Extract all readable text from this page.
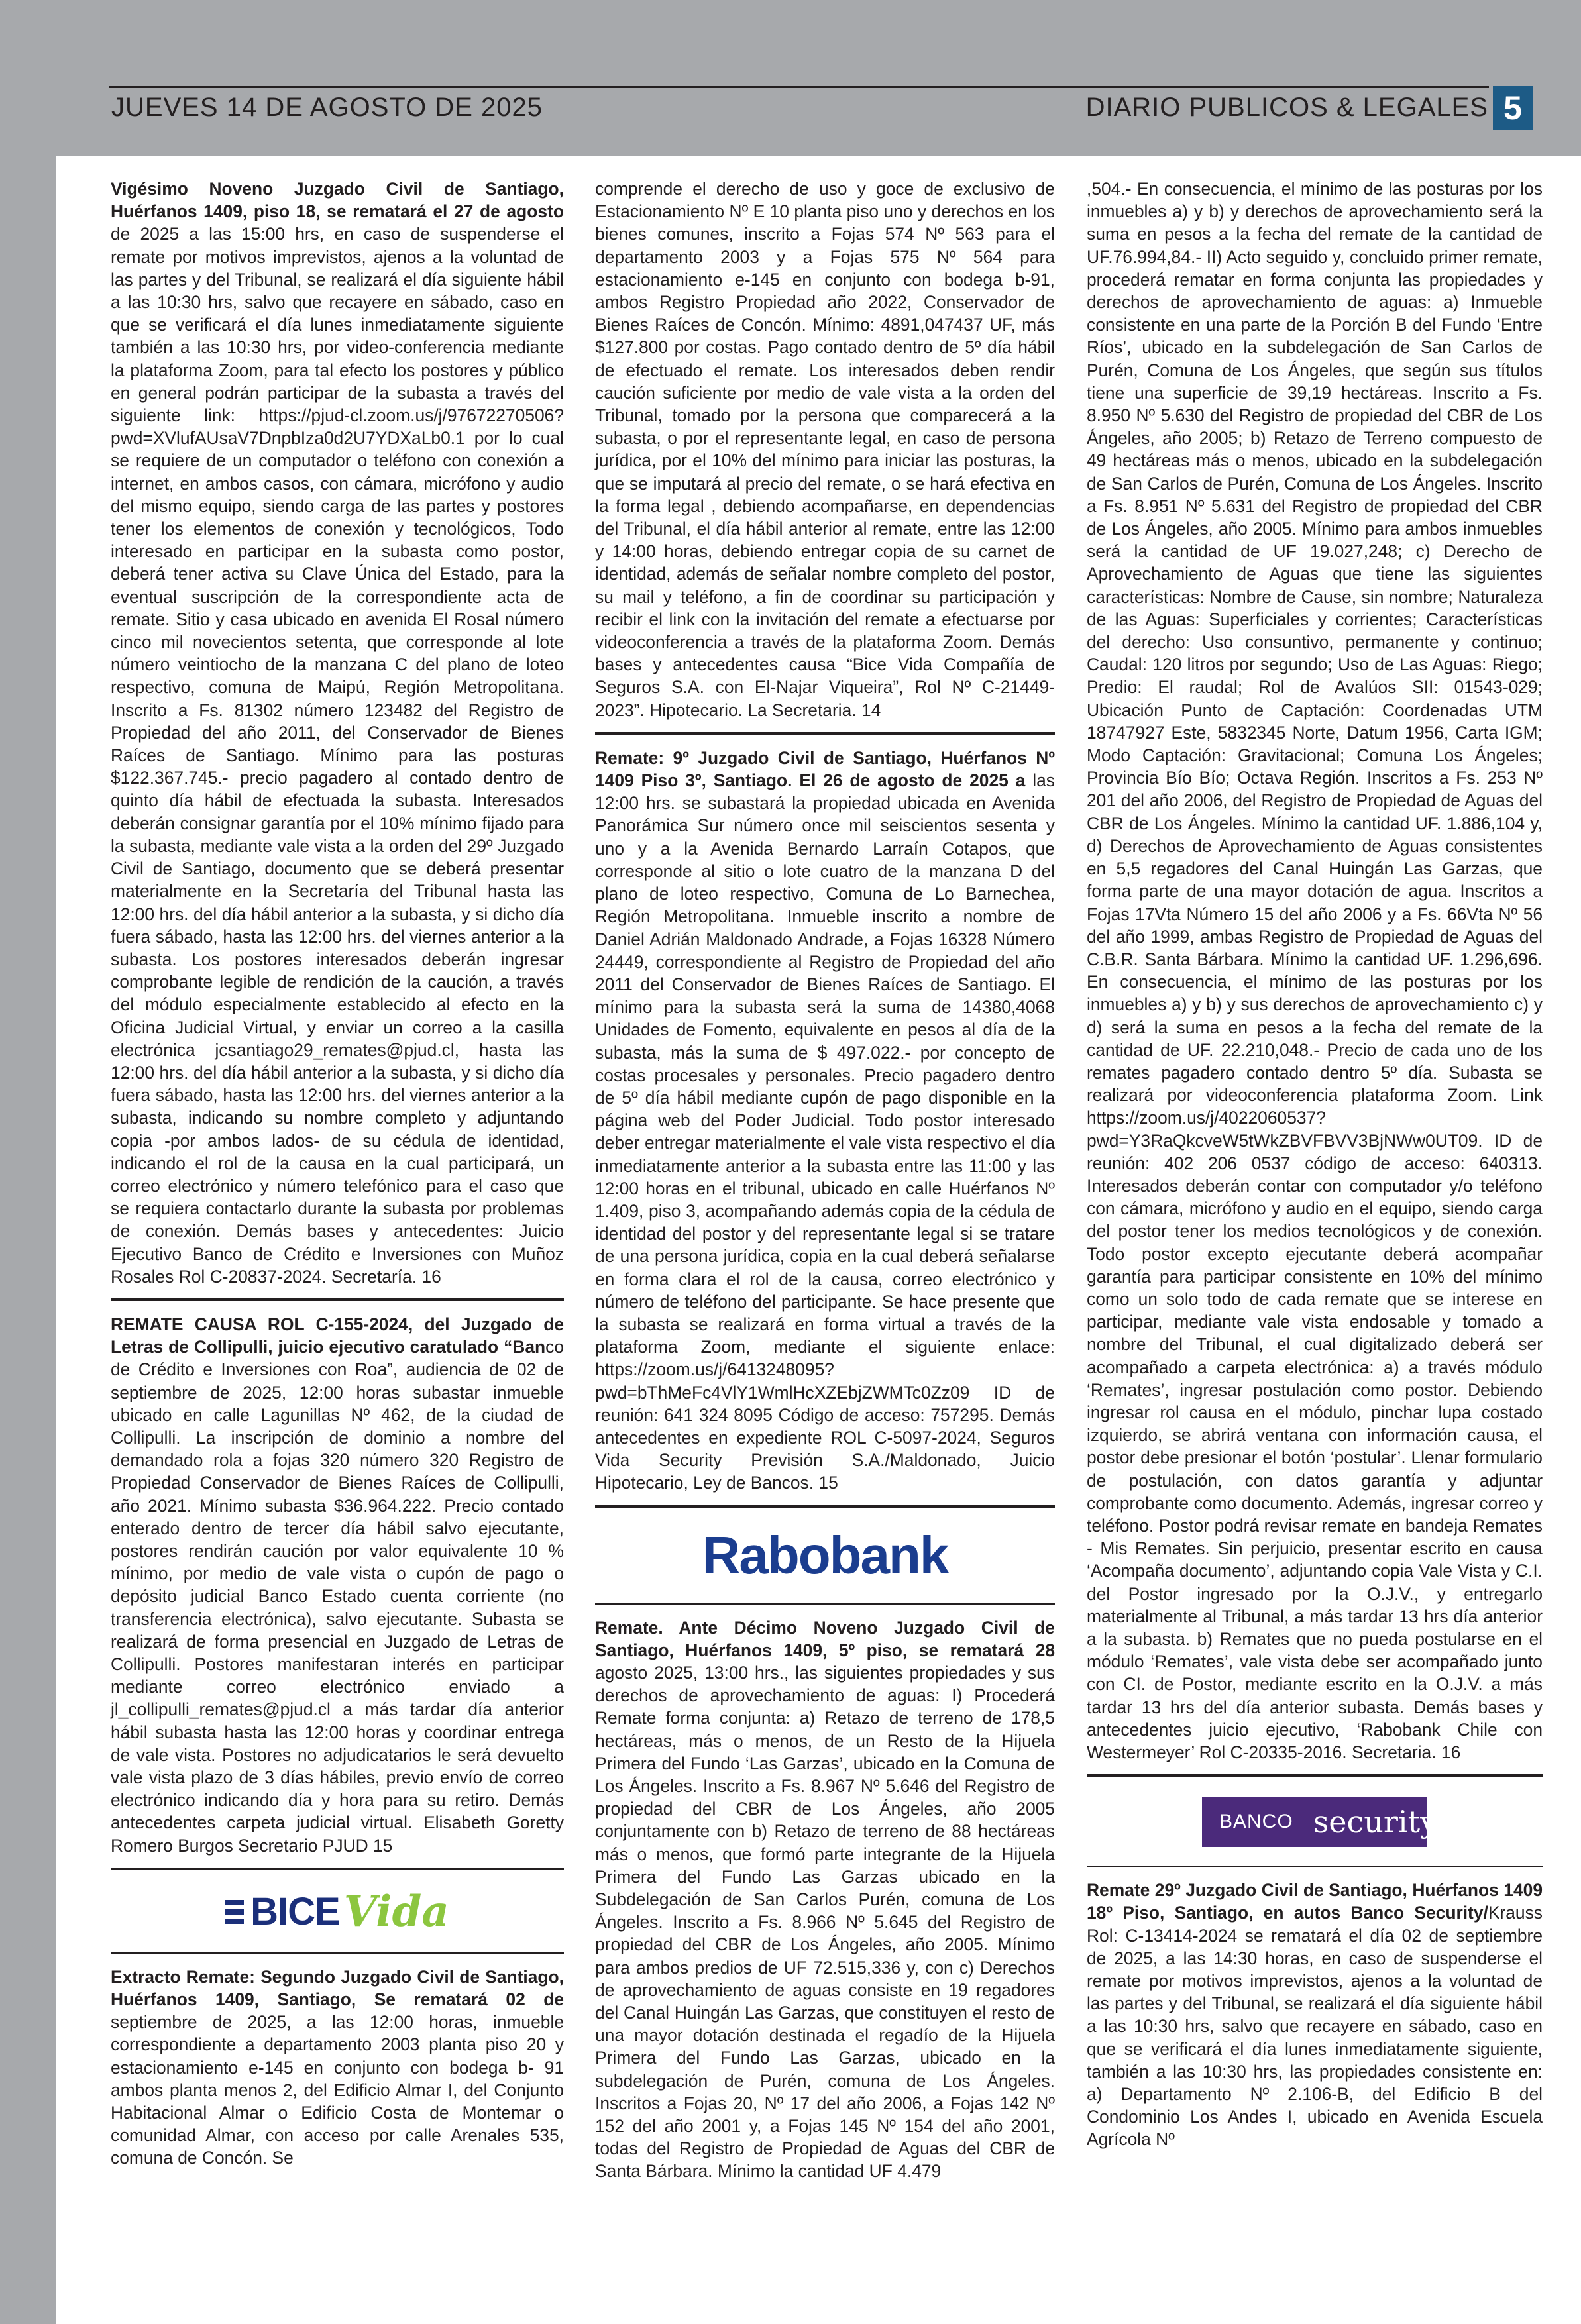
JUEVES 14 DE AGOSTO DE 2025	DIARIO PUBLICOS & LEGALES 5

Vigésimo Noveno Juzgado Civil de Santiago, Huérfanos 1409, piso 18, se rematará el 27 de agosto de 2025 a las 15:00 hrs, en caso de suspenderse el remate por motivos imprevistos, ajenos a la voluntad de las partes y del Tribunal, se realizará el día siguiente hábil a las 10:30 hrs, salvo que recayere en sábado, caso en que se verificará el día lunes inmediatamente siguiente también a las 10:30 hrs, por video-conferencia mediante la plataforma Zoom, para tal efecto los postores y público en general podrán participar de la subasta a través del siguiente link: https://pjud-cl.zoom.us/j/97672270506?pwd=XVlufAUsaV7DnpbIza0d2U7YDXaLb0.1 por lo cual se requiere de un computador o teléfono con conexión a internet, en ambos casos, con cámara, micrófono y audio del mismo equipo, siendo carga de las partes y postores tener los elementos de conexión y tecnológicos, Todo interesado en participar en la subasta como postor, deberá tener activa su Clave Única del Estado, para la eventual suscripción de la correspondiente acta de remate. Sitio y casa ubicado en avenida El Rosal número cinco mil novecientos setenta, que corresponde al lote número veintiocho de la manzana C del plano de loteo respectivo, comuna de Maipú, Región Metropolitana. Inscrito a Fs. 81302 número 123482 del Registro de Propiedad del año 2011, del Conservador de Bienes Raíces de Santiago. Mínimo para las posturas $122.367.745.- precio pagadero al contado dentro de quinto día hábil de efectuada la subasta. Interesados deberán consignar garantía por el 10% mínimo fijado para la subasta, mediante vale vista a la orden del 29º Juzgado Civil de Santiago, documento que se deberá presentar materialmente en la Secretaría del Tribunal hasta las 12:00 hrs. del día hábil anterior a la subasta, y si dicho día fuera sábado, hasta las 12:00 hrs. del viernes anterior a la subasta. Los postores interesados deberán ingresar comprobante legible de rendición de la caución, a través del módulo especialmente establecido al efecto en la Oficina Judicial Virtual, y enviar un correo a la casilla electrónica jcsantiago29_remates@pjud.cl, hasta las 12:00 hrs. del día hábil anterior a la subasta, y si dicho día fuera sábado, hasta las 12:00 hrs. del viernes anterior a la subasta, indicando su nombre completo y adjuntando copia -por ambos lados- de su cédula de identidad, indicando el rol de la causa en la cual participará, un correo electrónico y número telefónico para el caso que se requiera contactarlo durante la subasta por problemas de conexión. Demás bases y antecedentes: Juicio Ejecutivo Banco de Crédito e Inversiones con Muñoz Rosales Rol C-20837-2024. Secretaría. 16

REMATE CAUSA ROL C-155-2024, del Juzgado de Letras de Collipulli, juicio ejecutivo caratulado “Banco de Crédito e Inversiones con Roa”, audiencia de 02 de septiembre de 2025, 12:00 horas subastar inmueble ubicado en calle Lagunillas Nº 462, de la ciudad de Collipulli. La inscripción de dominio a nombre del demandado rola a fojas 320 número 320 Registro de Propiedad Conservador de Bienes Raíces de Collipulli, año 2021. Mínimo subasta $36.964.222. Precio contado enterado dentro de tercer día hábil salvo ejecutante, postores rendirán caución por valor equivalente 10 % mínimo, por medio de vale vista o cupón de pago o depósito judicial Banco Estado cuenta corriente (no transferencia electrónica), salvo ejecutante. Subasta se realizará de forma presencial en Juzgado de Letras de Collipulli. Postores manifestaran interés en participar mediante correo electrónico enviado a jl_collipulli_remates@pjud.cl a más tardar día anterior hábil subasta hasta las 12:00 horas y coordinar entrega de vale vista. Postores no adjudicatarios le será devuelto vale vista plazo de 3 días hábiles, previo envío de correo electrónico indicando día y hora para su retiro. Demás antecedentes carpeta judicial virtual. Elisabeth Goretty Romero Burgos Secretario PJUD 15

BICE Vida

Extracto Remate: Segundo Juzgado Civil de Santiago, Huérfanos 1409, Santiago, Se rematará 02 de septiembre de 2025, a las 12:00 horas, inmueble correspondiente a departamento 2003 planta piso 20 y estacionamiento e-145 en conjunto con bodega b- 91 ambos planta menos 2, del Edificio Almar I, del Conjunto Habitacional Almar o Edificio Costa de Montemar o comunidad Almar, con acceso por calle Arenales 535, comuna de Concón. Se

comprende el derecho de uso y goce de exclusivo de Estacionamiento Nº E 10 planta piso uno y derechos en los bienes comunes, inscrito a Fojas 574 Nº 563 para el departamento 2003 y a Fojas 575 Nº 564 para estacionamiento e-145 en conjunto con bodega b-91, ambos Registro Propiedad año 2022, Conservador de Bienes Raíces de Concón. Mínimo: 4891,047437 UF, más $127.800 por costas. Pago contado dentro de 5º día hábil de efectuado el remate. Los interesados deben rendir caución suficiente por medio de vale vista a la orden del Tribunal, tomado por la persona que comparecerá a la subasta, o por el representante legal, en caso de persona jurídica, por el 10% del mínimo para iniciar las posturas, la que se imputará al precio del remate, o se hará efectiva en la forma legal , debiendo acompañarse, en dependencias del Tribunal, el día hábil anterior al remate, entre las 12:00 y 14:00 horas, debiendo entregar copia de su carnet de identidad, además de señalar nombre completo del postor, su mail y teléfono, a fin de coordinar su participación y recibir el link con la invitación del remate a efectuarse por videoconferencia a través de la plataforma Zoom. Demás bases y antecedentes causa “Bice Vida Compañía de Seguros S.A. con El-Najar Viqueira”, Rol Nº C-21449-2023”. Hipotecario. La Secretaria. 14

Remate: 9º Juzgado Civil de Santiago, Huérfanos Nº 1409 Piso 3º, Santiago. El 26 de agosto de 2025 a las 12:00 hrs. se subastará la propiedad ubicada en Avenida Panorámica Sur número once mil seiscientos sesenta y uno y a la Avenida Bernardo Larraín Cotapos, que corresponde al sitio o lote cuatro de la manzana D del plano de loteo respectivo, Comuna de Lo Barnechea, Región Metropolitana. Inmueble inscrito a nombre de Daniel Adrián Maldonado Andrade, a Fojas 16328 Número 24449, correspondiente al Registro de Propiedad del año 2011 del Conservador de Bienes Raíces de Santiago. El mínimo para la subasta será la suma de 14380,4068 Unidades de Fomento, equivalente en pesos al día de la subasta, más la suma de $ 497.022.- por concepto de costas procesales y personales. Precio pagadero dentro de 5º día hábil mediante cupón de pago disponible en la página web del Poder Judicial. Todo postor interesado deber entregar materialmente el vale vista respectivo el día inmediatamente anterior a la subasta entre las 11:00 y las 12:00 horas en el tribunal, ubicado en calle Huérfanos Nº 1.409, piso 3, acompañando además copia de la cédula de identidad del postor y del representante legal si se tratare de una persona jurídica, copia en la cual deberá señalarse en forma clara el rol de la causa, correo electrónico y número de teléfono del participante. Se hace presente que la subasta se realizará en forma virtual a través de la plataforma Zoom, mediante el siguiente enlace: https://zoom.us/j/6413248095?pwd=bThMeFc4VlY1WmlHcXZEbjZWMTc0Zz09 ID de reunión: 641 324 8095 Código de acceso: 757295. Demás antecedentes en expediente ROL C-5097-2024, Seguros Vida Security Previsión S.A./Maldonado, Juicio Hipotecario, Ley de Bancos. 15

Rabobank

Remate. Ante Décimo Noveno Juzgado Civil de Santiago, Huérfanos 1409, 5º piso, se rematará 28 agosto 2025, 13:00 hrs., las siguientes propiedades y sus derechos de aprovechamiento de aguas: I) Procederá Remate forma conjunta: a) Retazo de terreno de 178,5 hectáreas, más o menos, de un Resto de la Hijuela Primera del Fundo ‘Las Garzas’, ubicado en la Comuna de Los Ángeles. Inscrito a Fs. 8.967 Nº 5.646 del Registro de propiedad del CBR de Los Ángeles, año 2005 conjuntamente con b) Retazo de terreno de 88 hectáreas más o menos, que formó parte integrante de la Hijuela Primera del Fundo Las Garzas ubicado en la Subdelegación de San Carlos Purén, comuna de Los Ángeles. Inscrito a Fs. 8.966 Nº 5.645 del Registro de propiedad del CBR de Los Ángeles, año 2005. Mínimo para ambos predios de UF 72.515,336 y, con c) Derechos de aprovechamiento de aguas consiste en 19 regadores del Canal Huingán Las Garzas, que constituyen el resto de una mayor dotación destinada el regadío de la Hijuela Primera del Fundo Las Garzas, ubicado en la subdelegación de Purén, comuna de Los Ángeles. Inscritos a Fojas 20, Nº 17 del año 2006, a Fojas 142 Nº 152 del año 2001 y, a Fojas 145 Nº 154 del año 2001, todas del Registro de Propiedad de Aguas del CBR de Santa Bárbara. Mínimo la cantidad UF 4.479

,504.- En consecuencia, el mínimo de las posturas por los inmuebles a) y b) y derechos de aprovechamiento será la suma en pesos a la fecha del remate de la cantidad de UF.76.994,84.- II) Acto seguido y, concluido primer remate, procederá rematar en forma conjunta las propiedades y derechos de aprovechamiento de aguas: a) Inmueble consistente en una parte de la Porción B del Fundo ‘Entre Ríos’, ubicado en la subdelegación de San Carlos de Purén, Comuna de Los Ángeles, que según sus títulos tiene una superficie de 39,19 hectáreas. Inscrito a Fs. 8.950 Nº 5.630 del Registro de propiedad del CBR de Los Ángeles, año 2005; b) Retazo de Terreno compuesto de 49 hectáreas más o menos, ubicado en la subdelegación de San Carlos de Purén, Comuna de Los Ángeles. Inscrito a Fs. 8.951 Nº 5.631 del Registro de propiedad del CBR de Los Ángeles, año 2005. Mínimo para ambos inmuebles será la cantidad de UF 19.027,248; c) Derecho de Aprovechamiento de Aguas que tiene las siguientes características: Nombre de Cause, sin nombre; Naturaleza de las Aguas: Superficiales y corrientes; Características del derecho: Uso consuntivo, permanente y continuo; Caudal: 120 litros por segundo; Uso de Las Aguas: Riego; Predio: El raudal; Rol de Avalúos SII: 01543-029; Ubicación Punto de Captación: Coordenadas UTM 18747927 Este, 5832345 Norte, Datum 1956, Carta IGM; Modo Captación: Gravitacional; Comuna Los Ángeles; Provincia Bío Bío; Octava Región. Inscritos a Fs. 253 Nº 201 del año 2006, del Registro de Propiedad de Aguas del CBR de Los Ángeles. Mínimo la cantidad UF. 1.886,104 y, d) Derechos de Aprovechamiento de Aguas consistentes en 5,5 regadores del Canal Huingán Las Garzas, que forma parte de una mayor dotación de agua. Inscritos a Fojas 17Vta Número 15 del año 2006 y a Fs. 66Vta Nº 56 del año 1999, ambas Registro de Propiedad de Aguas del C.B.R. Santa Bárbara. Mínimo la cantidad UF. 1.296,696. En consecuencia, el mínimo de las posturas por los inmuebles a) y b) y sus derechos de aprovechamiento c) y d) será la suma en pesos a la fecha del remate de la cantidad de UF. 22.210,048.- Precio de cada uno de los remates pagadero contado dentro 5º día. Subasta se realizará por videoconferencia plataforma Zoom. Link https://zoom.us/j/4022060537?pwd=Y3RaQkcveW5tWkZBVFBVV3BjNWw0UT09. ID de reunión: 402 206 0537 código de acceso: 640313. Interesados deberán contar con computador y/o teléfono con cámara, micrófono y audio en el equipo, siendo carga del postor tener los medios tecnológicos y de conexión. Todo postor excepto ejecutante deberá acompañar garantía para participar consistente en 10% del mínimo como un solo todo de cada remate que se interese en participar, mediante vale vista endosable y tomado a nombre del Tribunal, el cual digitalizado deberá ser acompañado a carpeta electrónica: a) a través módulo ‘Remates’, ingresar postulación como postor. Debiendo ingresar rol causa en el módulo, pinchar lupa costado izquierdo, se abrirá ventana con información causa, el postor debe presionar el botón ‘postular’. Llenar formulario de postulación, con datos garantía y adjuntar comprobante como documento. Además, ingresar correo y teléfono. Postor podrá revisar remate en bandeja Remates - Mis Remates. Sin perjuicio, presentar escrito en causa ‘Acompaña documento’, adjuntando copia Vale Vista y C.I. del Postor ingresado por la O.J.V., y entregarlo materialmente al Tribunal, a más tardar 13 hrs día anterior a la subasta. b) Remates que no pueda postularse en el módulo ‘Remates’, vale vista debe ser acompañado junto con CI. de Postor, mediante escrito en la O.J.V. a más tardar 13 hrs del día anterior subasta. Demás bases y antecedentes juicio ejecutivo, ‘Rabobank Chile con Westermeyer’ Rol C-20335-2016. Secretaria. 16

BANCO security

Remate 29º Juzgado Civil de Santiago, Huérfanos 1409 18º Piso, Santiago, en autos Banco Security/Krauss Rol: C-13414-2024 se rematará el día 02 de septiembre de 2025, a las 14:30 horas, en caso de suspenderse el remate por motivos imprevistos, ajenos a la voluntad de las partes y del Tribunal, se realizará el día siguiente hábil a las 10:30 hrs, salvo que recayere en sábado, caso en que se verificará el día lunes inmediatamente siguiente, también a las 10:30 hrs, las propiedades consistente en: a) Departamento Nº 2.106-B, del Edificio B del Condominio Los Andes I, ubicado en Avenida Escuela Agrícola Nº
